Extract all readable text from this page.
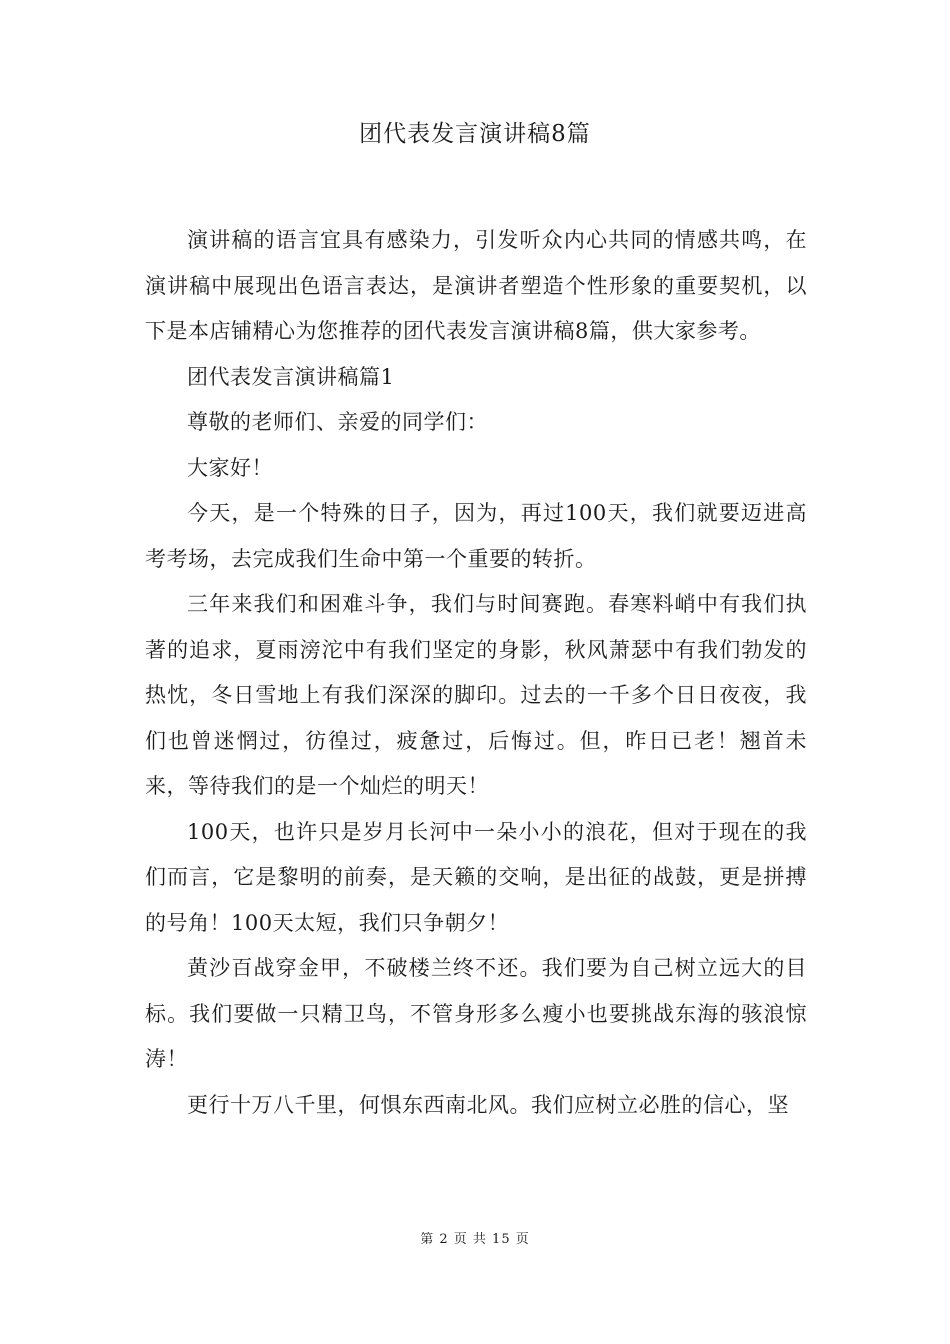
团代表发言演讲稿8篇

演讲稿的语言宜具有感染力，引发听众内心共同的情感共鸣，在演讲稿中展现出色语言表达，是演讲者塑造个性形象的重要契机，以下是本店铺精心为您推荐的团代表发言演讲稿8篇，供大家参考。

团代表发言演讲稿篇1

尊敬的老师们、亲爱的同学们：

大家好！

今天，是一个特殊的日子，因为，再过100天，我们就要迈进高考考场，去完成我们生命中第一个重要的转折。

三年来我们和困难斗争，我们与时间赛跑。春寒料峭中有我们执著的追求，夏雨滂沱中有我们坚定的身影，秋风萧瑟中有我们勃发的热忱，冬日雪地上有我们深深的脚印。过去的一千多个日日夜夜，我们也曾迷惘过，彷徨过，疲惫过，后悔过。但，昨日已老！翘首未来，等待我们的是一个灿烂的明天！

100天，也许只是岁月长河中一朵小小的浪花，但对于现在的我们而言，它是黎明的前奏，是天籁的交响，是出征的战鼓，更是拼搏的号角！100天太短，我们只争朝夕！

黄沙百战穿金甲，不破楼兰终不还。我们要为自己树立远大的目标。我们要做一只精卫鸟，不管身形多么瘦小也要挑战东海的骇浪惊涛！

更行十万八千里，何惧东西南北风。我们应树立必胜的信心，坚

第 2 页 共 15 页
